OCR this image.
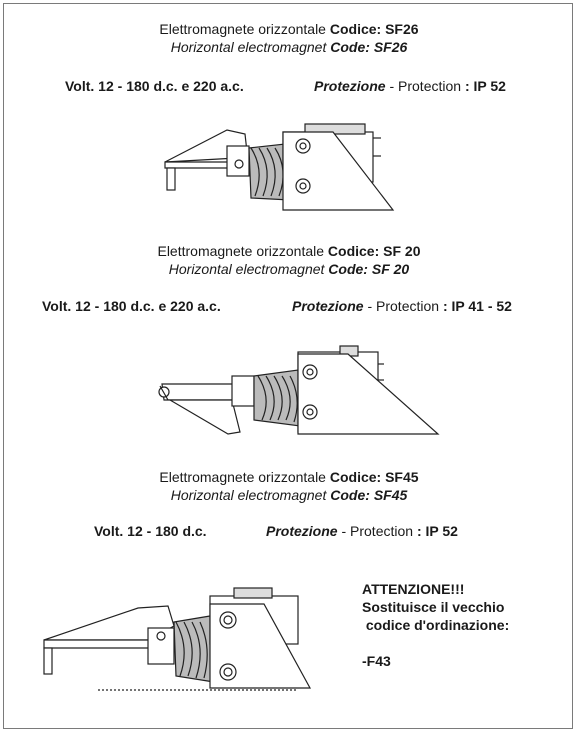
Elettromagnete orizzontale Codice: SF26
Horizontal electromagnet Code: SF26
Volt. 12 - 180 d.c. e 220 a.c.	Protezione - Protection : IP 52
Elettromagnete orizzontale Codice: SF 20
Horizontal electromagnet Code: SF 20
Volt. 12 - 180 d.c. e 220 a.c.	Protezione - Protection : IP 41 - 52
Elettromagnete orizzontale Codice: SF45
Horizontal electromagnet Code: SF45
Volt. 12 - 180 d.c.	Protezione - Protection : IP 52
ATTENZIONE!!!
Sostituisce il vecchio
codice d'ordinazione:
-F43
